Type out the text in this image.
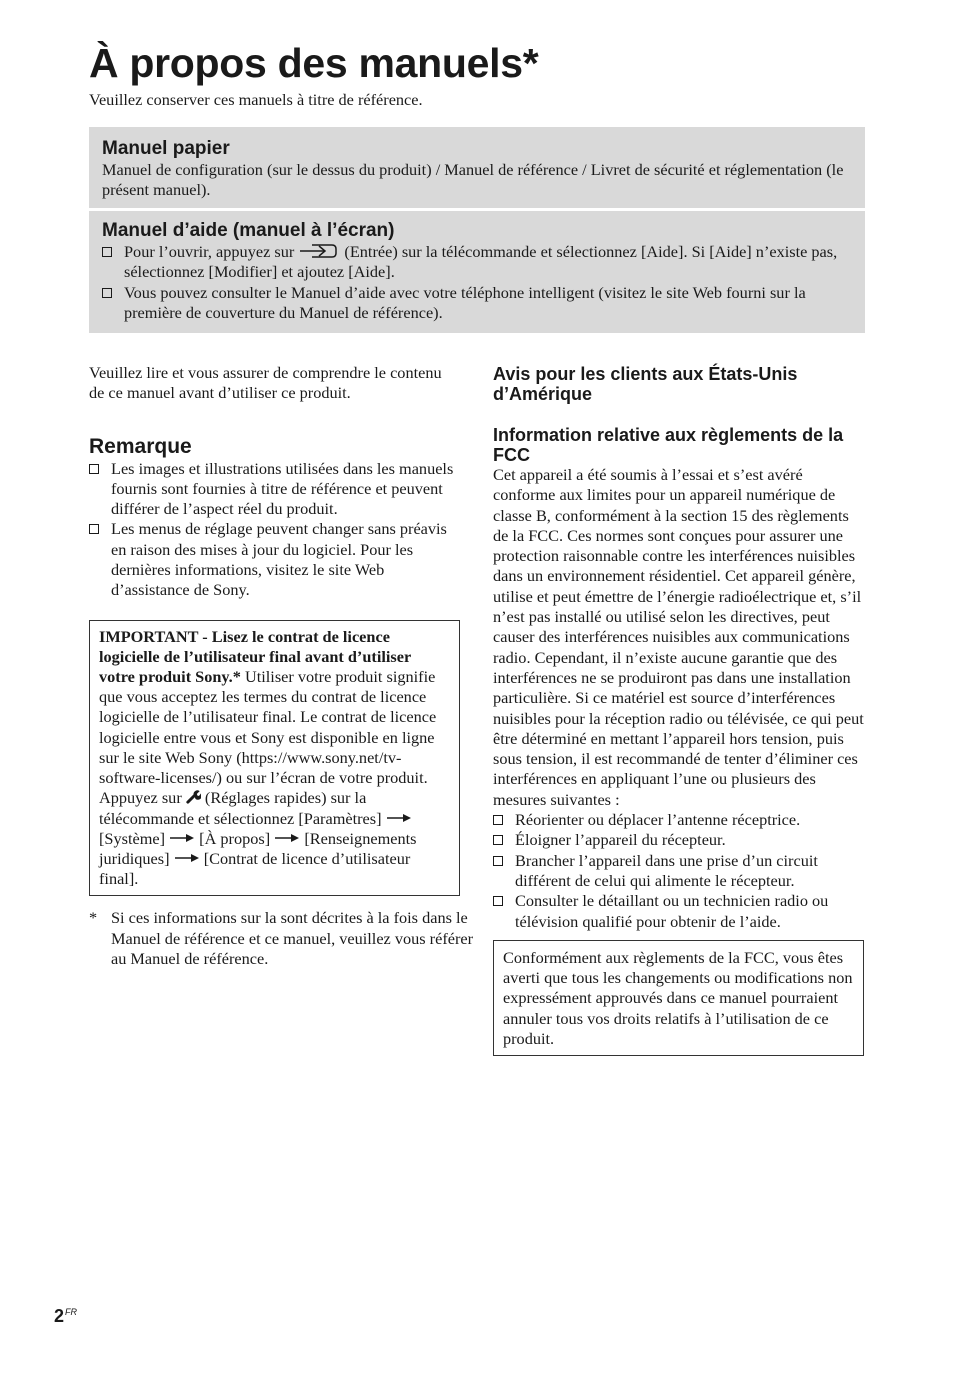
À propos des manuels*
Veuillez conserver ces manuels à titre de référence.
Manuel papier
Manuel de configuration (sur le dessus du produit) / Manuel de référence / Livret de sécurité et réglementation (le présent manuel).
Manuel d’aide (manuel à l’écran)
Pour l’ouvrir, appuyez sur	(Entrée) sur la télécommande et sélectionnez [Aide]. Si [Aide] n’existe pas, sélectionnez [Modifier] et ajoutez [Aide].
Vous pouvez consulter le Manuel d’aide avec votre téléphone intelligent (visitez le site Web fourni sur la première de couverture du Manuel de référence).
Veuillez lire et vous assurer de comprendre le contenu de ce manuel avant d’utiliser ce produit.
Remarque
Les images et illustrations utilisées dans les manuels fournis sont fournies à titre de référence et peuvent différer de l’aspect réel du produit.
Les menus de réglage peuvent changer sans préavis en raison des mises à jour du logiciel. Pour les dernières informations, visitez le site Web d’assistance de Sony.
IMPORTANT - Lisez le contrat de licence logicielle de l’utilisateur final avant d’utiliser votre produit Sony.* Utiliser votre produit signifie que vous acceptez les termes du contrat de licence logicielle de l’utilisateur final. Le contrat de licence logicielle entre vous et Sony est disponible en ligne sur le site Web Sony (https://www.sony.net/tv-software-licenses/) ou sur l’écran de votre produit. Appuyez sur (Réglages rapides) sur la télécommande et sélectionnez [Paramètres]  [Système] [À propos] [Renseignements juridiques] [Contrat de licence d’utilisateur final].
* Si ces informations sur la sont décrites à la fois dans le Manuel de référence et ce manuel, veuillez vous référer au Manuel de référence.
Avis pour les clients aux États-Unis d’Amérique
Information relative aux règlements de la FCC
Cet appareil a été soumis à l’essai et s’est avéré conforme aux limites pour un appareil numérique de classe B, conformément à la section 15 des règlements de la FCC. Ces normes sont conçues pour assurer une protection raisonnable contre les interférences nuisibles dans un environnement résidentiel. Cet appareil génère, utilise et peut émettre de l’énergie radioélectrique et, s’il n’est pas installé ou utilisé selon les directives, peut causer des interférences nuisibles aux communications radio. Cependant, il n’existe aucune garantie que des interférences ne se produiront pas dans une installation particulière. Si ce matériel est source d’interférences nuisibles pour la réception radio ou télévisée, ce qui peut être déterminé en mettant l’appareil hors tension, puis sous tension, il est recommandé de tenter d’éliminer ces interférences en appliquant l’une ou plusieurs des mesures suivantes :
Réorienter ou déplacer l’antenne réceptrice.
Éloigner l’appareil du récepteur.
Brancher l’appareil dans une prise d’un circuit différent de celui qui alimente le récepteur.
Consulter le détaillant ou un technicien radio ou télévision qualifié pour obtenir de l’aide.
Conformément aux règlements de la FCC, vous êtes averti que tous les changements ou modifications non expressément approuvés dans ce manuel pourraient annuler tous vos droits relatifs à l’utilisation de ce produit.
$2^{FR}$
